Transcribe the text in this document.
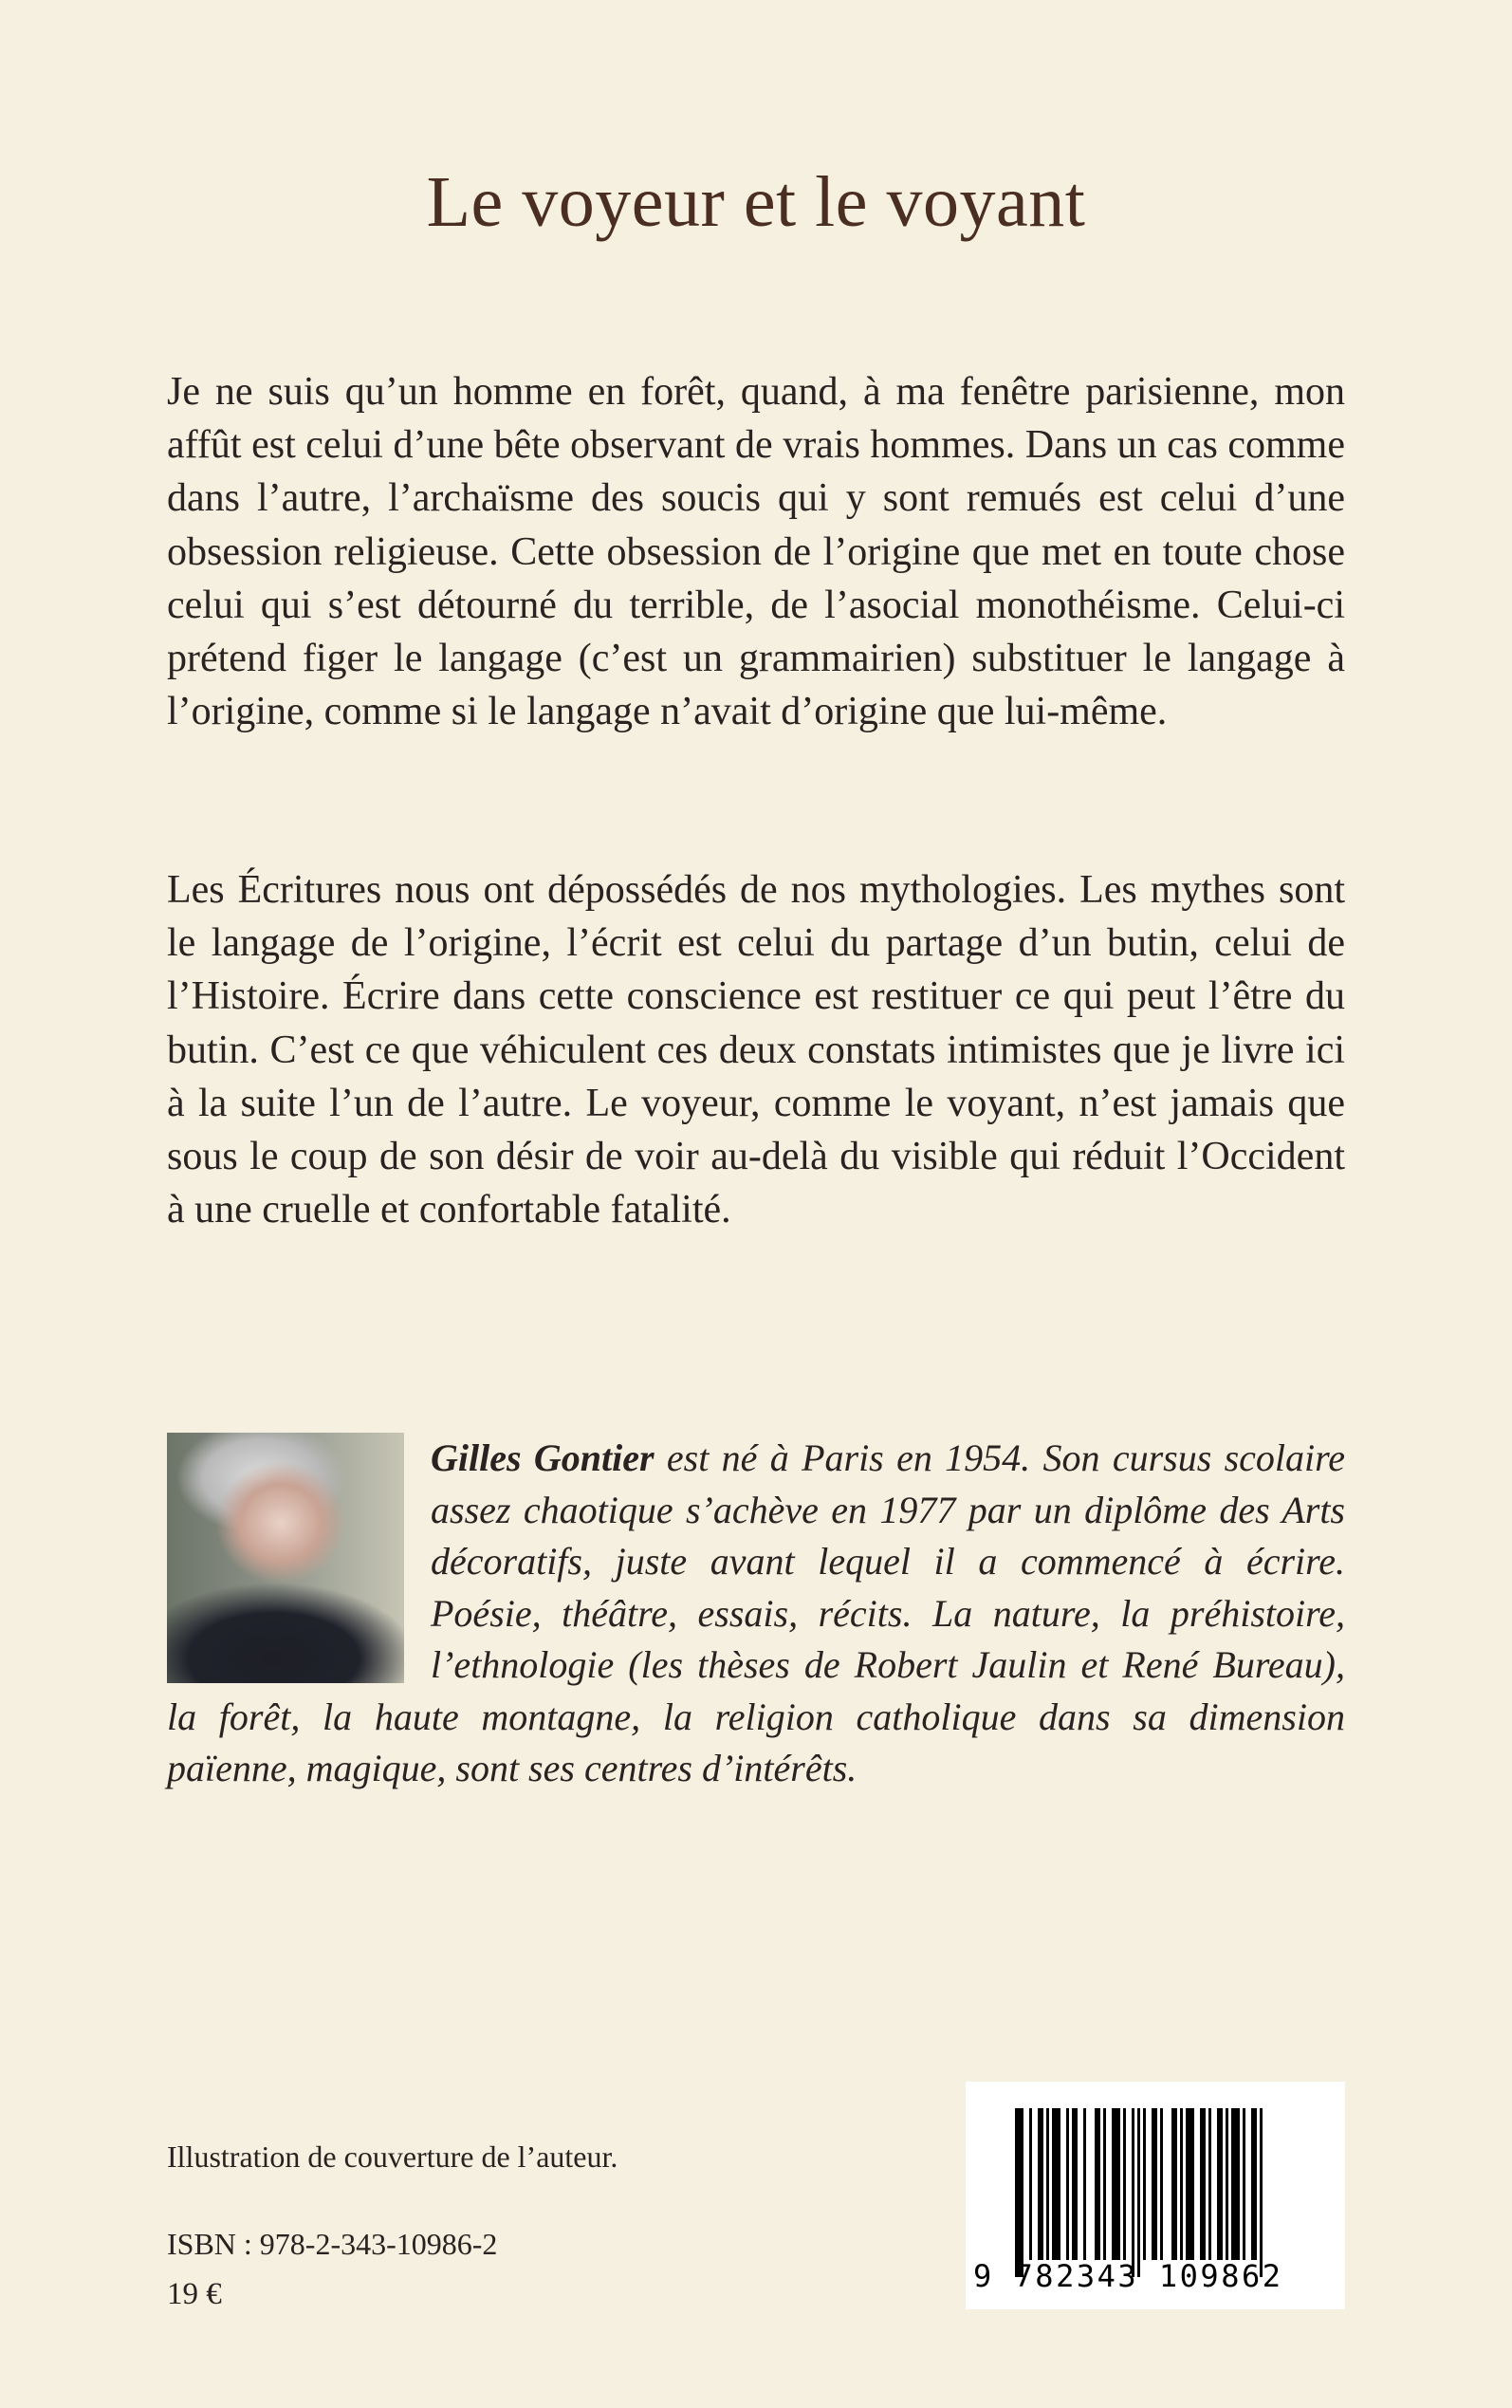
Le voyeur et le voyant

Je ne suis qu’un homme en forêt, quand, à ma fenêtre parisienne, mon affût est celui d’une bête observant de vrais hommes. Dans un cas comme dans l’autre, l’archaïsme des soucis qui y sont remués est celui d’une obsession religieuse. Cette obsession de l’origine que met en toute chose celui qui s’est détourné du terrible, de l’asocial monothéisme. Celui-ci prétend figer le langage (c’est un grammairien) substituer le langage à l’origine, comme si le langage n’avait d’origine que lui-même.

Les Écritures nous ont dépossédés de nos mythologies. Les mythes sont le langage de l’origine, l’écrit est celui du partage d’un butin, celui de l’Histoire. Écrire dans cette conscience est restituer ce qui peut l’être du butin. C’est ce que véhiculent ces deux constats intimistes que je livre ici à la suite l’un de l’autre. Le voyeur, comme le voyant, n’est jamais que sous le coup de son désir de voir au-delà du visible qui réduit l’Occident à une cruelle et confortable fatalité.

Gilles Gontier est né à Paris en 1954. Son cursus scolaire assez chaotique s’achève en 1977 par un diplôme des Arts décoratifs, juste avant lequel il a commencé à écrire. Poésie, théâtre, essais, récits. La nature, la préhistoire, l’ethnologie (les thèses de Robert Jaulin et René Bureau), la forêt, la haute montagne, la religion catholique dans sa dimension païenne, magique, sont ses centres d’intérêts.

Illustration de couverture de l’auteur.

ISBN : 978-2-343-10986-2

19 €	9 782343 109862
